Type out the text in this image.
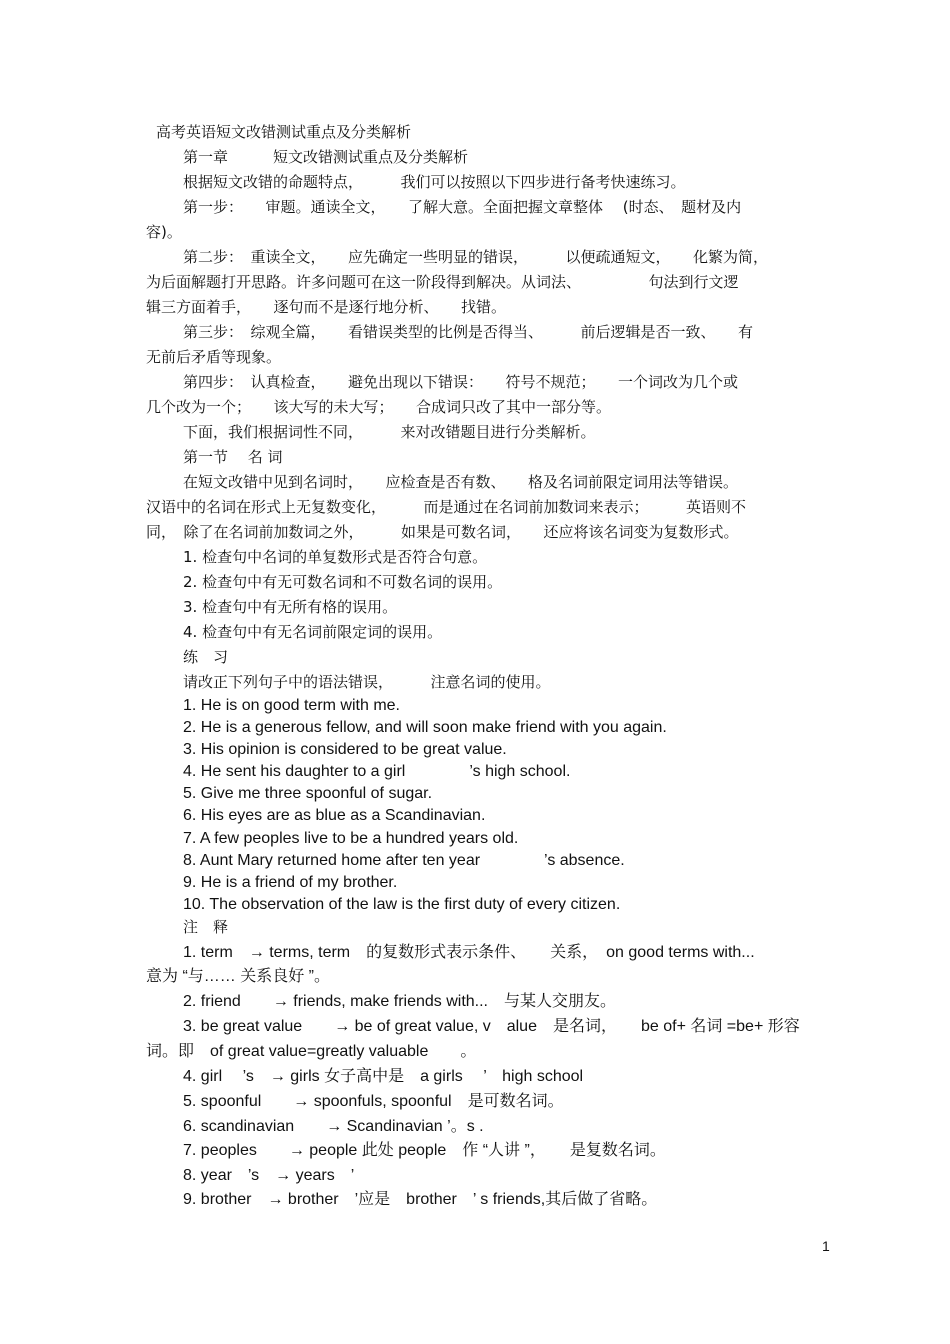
高考英语短文改错测试重点及分类解析
第一章　　　短文改错测试重点及分类解析
根据短文改错的命题特点，　　　我们可以按照以下四步进行备考快速练习。
第一步：　　审题。通读全文，　　了解大意。全面把握文章整体　 (时态、　题材及内
容)。
第二步：　重读全文，　　应先确定一些明显的错误，　　　以便疏通短文，　　化繁为简，
为后面解题打开思路。许多问题可在这一阶段得到解决。从词法、　　　　　句法到行文逻
辑三方面着手，　　逐句而不是逐行地分析、　　找错。
第三步：　综观全篇，　　看错误类型的比例是否得当、　　　前后逻辑是否一致、　　有
无前后矛盾等现象。
第四步：　认真检查，　　避免出现以下错误：　　符号不规范；　　一个词改为几个或
几个改为一个；　　该大写的未大写；　　合成词只改了其中一部分等。
下面，我们根据词性不同，　　　来对改错题目进行分类解析。
第一节　 名 词
在短文改错中见到名词时，　　应检查是否有数、　　格及名词前限定词用法等错误。
汉语中的名词在形式上无复数变化，　　　而是通过在名词前加数词来表示；　　　英语则不
同，　除了在名词前加数词之外，　　　如果是可数名词，　　还应将该名词变为复数形式。
1. 检查句中名词的单复数形式是否符合句意。
2. 检查句中有无可数名词和不可数名词的误用。
3. 检查句中有无所有格的误用。
4. 检查句中有无名词前限定词的误用。
练　习
请改正下列句子中的语法错误，　　　注意名词的使用。
1. He is on good term with me.
2. He is a generous fellow, and will soon make friend with you again.
3. His opinion is considered to be great value.
4. He sent his daughter to a girl　　　　’s high school.
5. Give me three spoonful of sugar.
6. His eyes are as blue as a Scandinavian.
7. A few peoples live to be a hundred years old.
8. Aunt Mary returned home after ten year　　　　’s absence.
9. He is a friend of my brother.
10. The observation of the law is the first duty of every citizen.
注　释
1. term　→ terms, term　的复数形式表示条件、　　关系，　on good terms with...
意为 “与…… 关系良好 ”。
2. friend　　→ friends, make friends with...　与某人交朋友。
3. be great value　　→ be of great value, v　alue　是名词，　　be of+ 名词 =be+ 形容
词。即　of great value=greatly valuable　　。
4. girl　 ’s　→ girls 女子高中是　a girls　 ’　high school
5. spoonful　　→ spoonfuls, spoonful　是可数名词。
6. scandinavian　　→ Scandinavian ’。s .
7. peoples　　→ people 此处 people　作 “人讲 ”，　　是复数名词。
8. year　’s　→ years　’
9. brother　→ brother　’应是　brother　’ s friends,其后做了省略。
1
